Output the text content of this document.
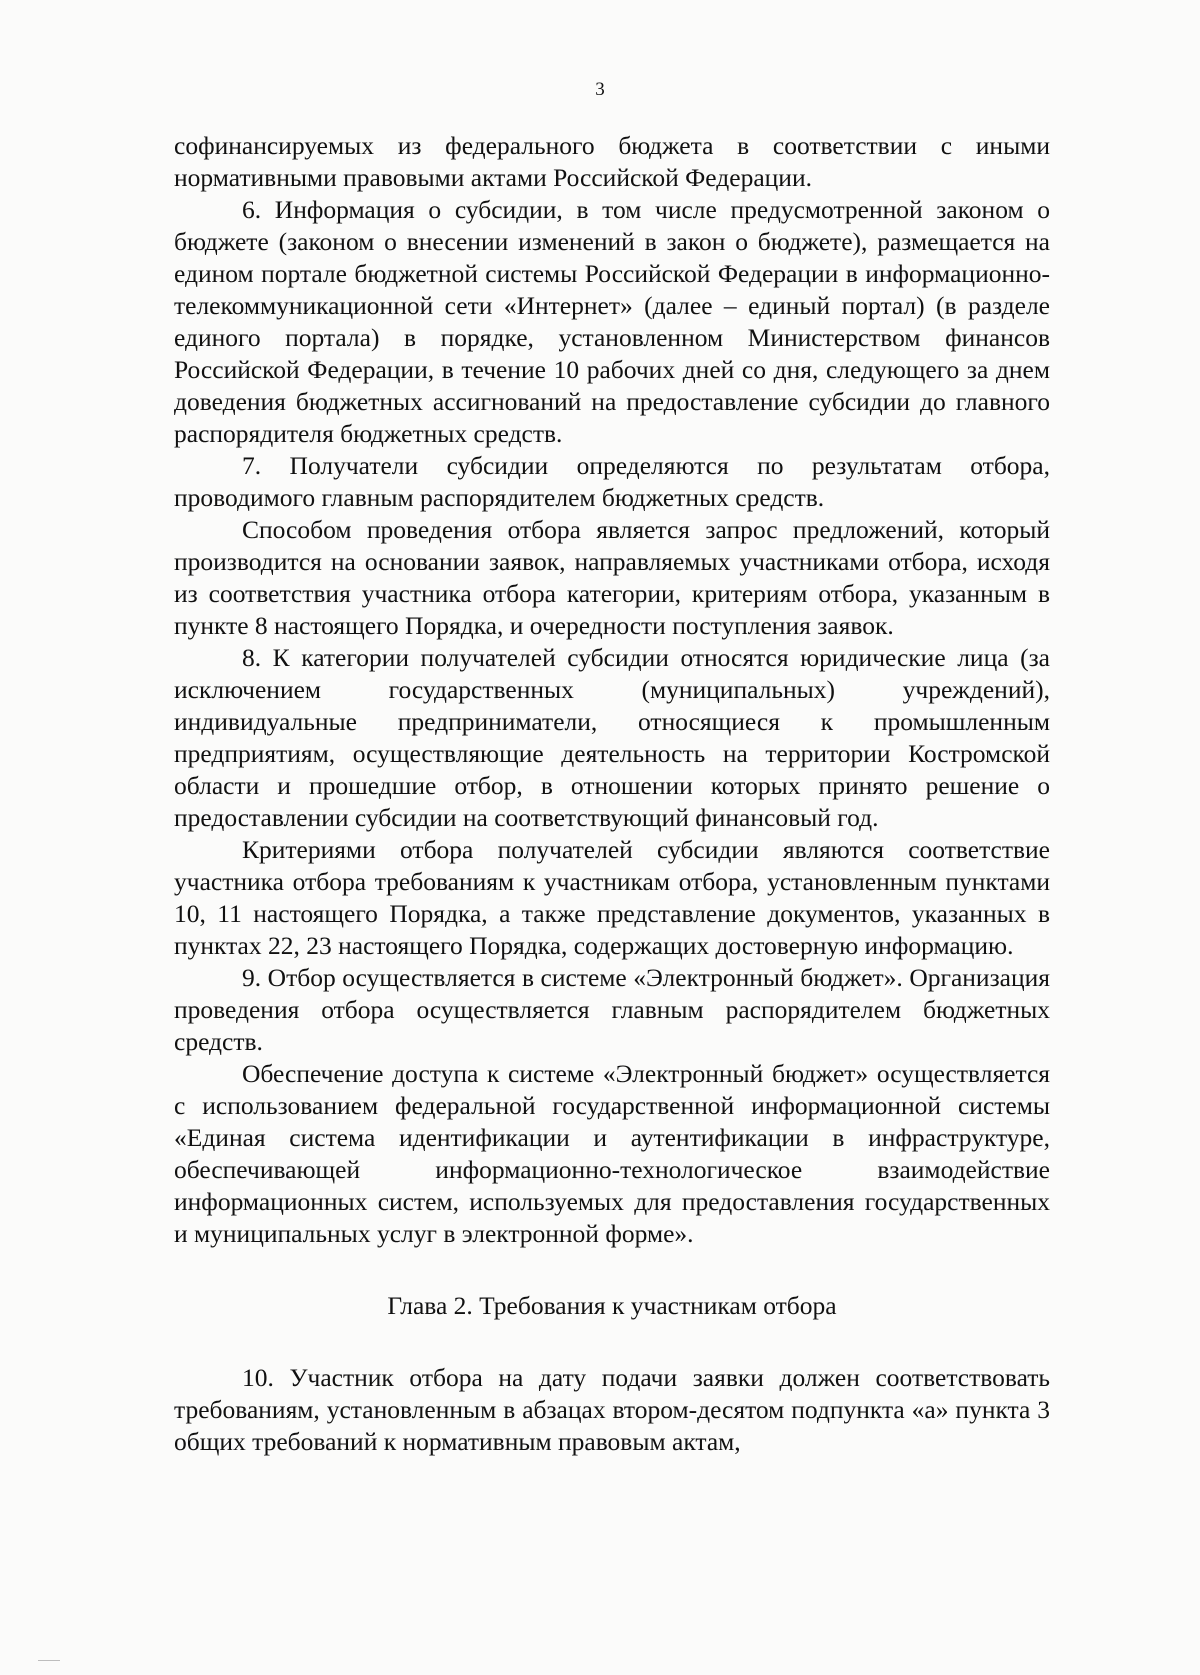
3

софинансируемых из федерального бюджета в соответствии с иными нормативными правовыми актами Российской Федерации.

6. Информация о субсидии, в том числе предусмотренной законом о бюджете (законом о внесении изменений в закон о бюджете), размещается на едином портале бюджетной системы Российской Федерации в информационно-телекоммуникационной сети «Интернет» (далее – единый портал) (в разделе единого портала) в порядке, установленном Министерством финансов Российской Федерации, в течение 10 рабочих дней со дня, следующего за днем доведения бюджетных ассигнований на предоставление субсидии до главного распорядителя бюджетных средств.

7. Получатели субсидии определяются по результатам отбора, проводимого главным распорядителем бюджетных средств.

Способом проведения отбора является запрос предложений, который производится на основании заявок, направляемых участниками отбора, исходя из соответствия участника отбора категории, критериям отбора, указанным в пункте 8 настоящего Порядка, и очередности поступления заявок.

8. К категории получателей субсидии относятся юридические лица (за исключением государственных (муниципальных) учреждений), индивидуальные предприниматели, относящиеся к промышленным предприятиям, осуществляющие деятельность на территории Костромской области и прошедшие отбор, в отношении которых принято решение о предоставлении субсидии на соответствующий финансовый год.

Критериями отбора получателей субсидии являются соответствие участника отбора требованиям к участникам отбора, установленным пунктами 10, 11 настоящего Порядка, а также представление документов, указанных в пунктах 22, 23 настоящего Порядка, содержащих достоверную информацию.

9. Отбор осуществляется в системе «Электронный бюджет». Организация проведения отбора осуществляется главным распорядителем бюджетных средств.

Обеспечение доступа к системе «Электронный бюджет» осуществляется с использованием федеральной государственной информационной системы «Единая система идентификации и аутентификации в инфраструктуре, обеспечивающей информационно-технологическое взаимодействие информационных систем, используемых для предоставления государственных и муниципальных услуг в электронной форме».

Глава 2. Требования к участникам отбора

10. Участник отбора на дату подачи заявки должен соответствовать требованиям, установленным в абзацах втором-десятом подпункта «а» пункта 3 общих требований к нормативным правовым актам,
